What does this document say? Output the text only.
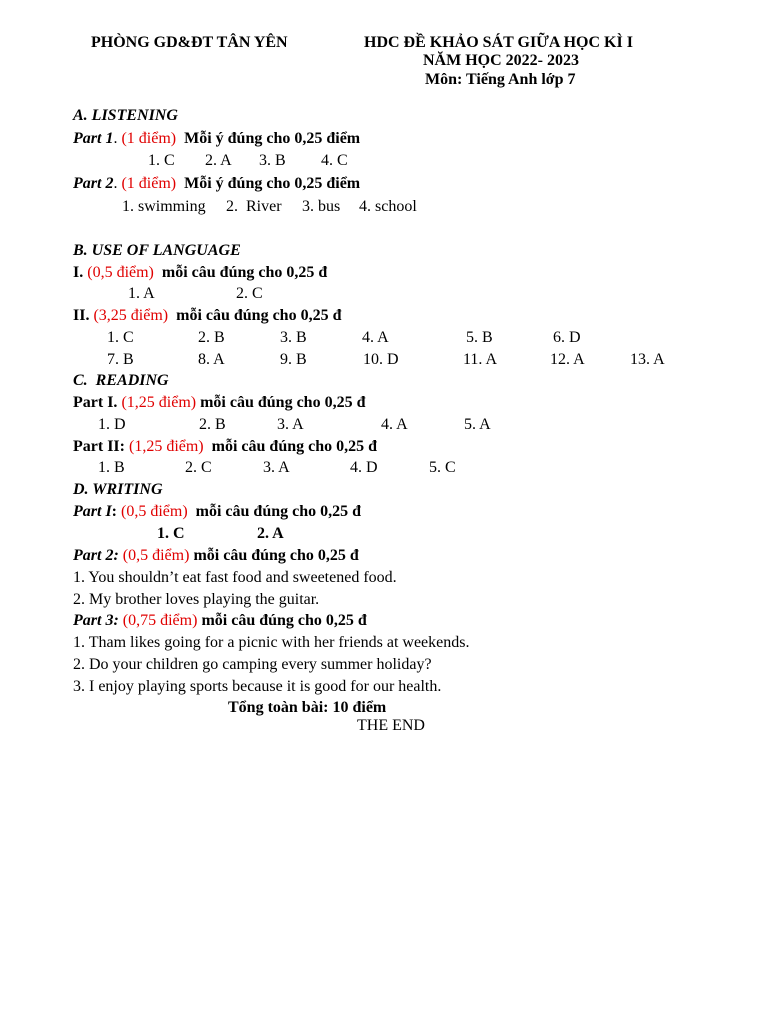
PHÒNG GD&ĐT TÂN YÊN	HDC ĐỀ KHẢO SÁT GIỮA HỌC KÌ I
NĂM HỌC 2022- 2023
Môn: Tiếng Anh lớp 7
A. LISTENING
Part 1. (1 điểm) Mỗi ý đúng cho 0,25 điểm
1. C 2. A 3. B 4. C
Part 2. (1 điểm) Mỗi ý đúng cho 0,25 điểm
1. swimming 2.  River 3. bus 4. school
B. USE OF LANGUAGE
I. (0,5 điểm) mỗi câu đúng cho 0,25 đ
1. A	2. C
II. (3,25 điểm) mỗi câu đúng cho 0,25 đ
1. C	2. B	3. B	4. A	5. B	6. D
7. B	8. A	9. B	10. D	11. A	12. A	13. A
C.  READING
Part I. (1,25 điểm) mỗi câu đúng cho 0,25 đ
1. D	2. B	3. A	4. A	5. A
Part II: (1,25 điểm) mỗi câu đúng cho 0,25 đ
1. B	2. C	3. A	4. D	5. C
D. WRITING
Part I: (0,5 điểm) mỗi câu đúng cho 0,25 đ
1. C	2. A
Part 2: (0,5 điểm) mỗi câu đúng cho 0,25 đ
1. You shouldn’t eat fast food and sweetened food.
2. My brother loves playing the guitar.
Part 3: (0,75 điểm) mỗi câu đúng cho 0,25 đ
1. Tham likes going for a picnic with her friends at weekends.
2. Do your children go camping every summer holiday?
3. I enjoy playing sports because it is good for our health.
Tổng toàn bài: 10 điểm
THE END
